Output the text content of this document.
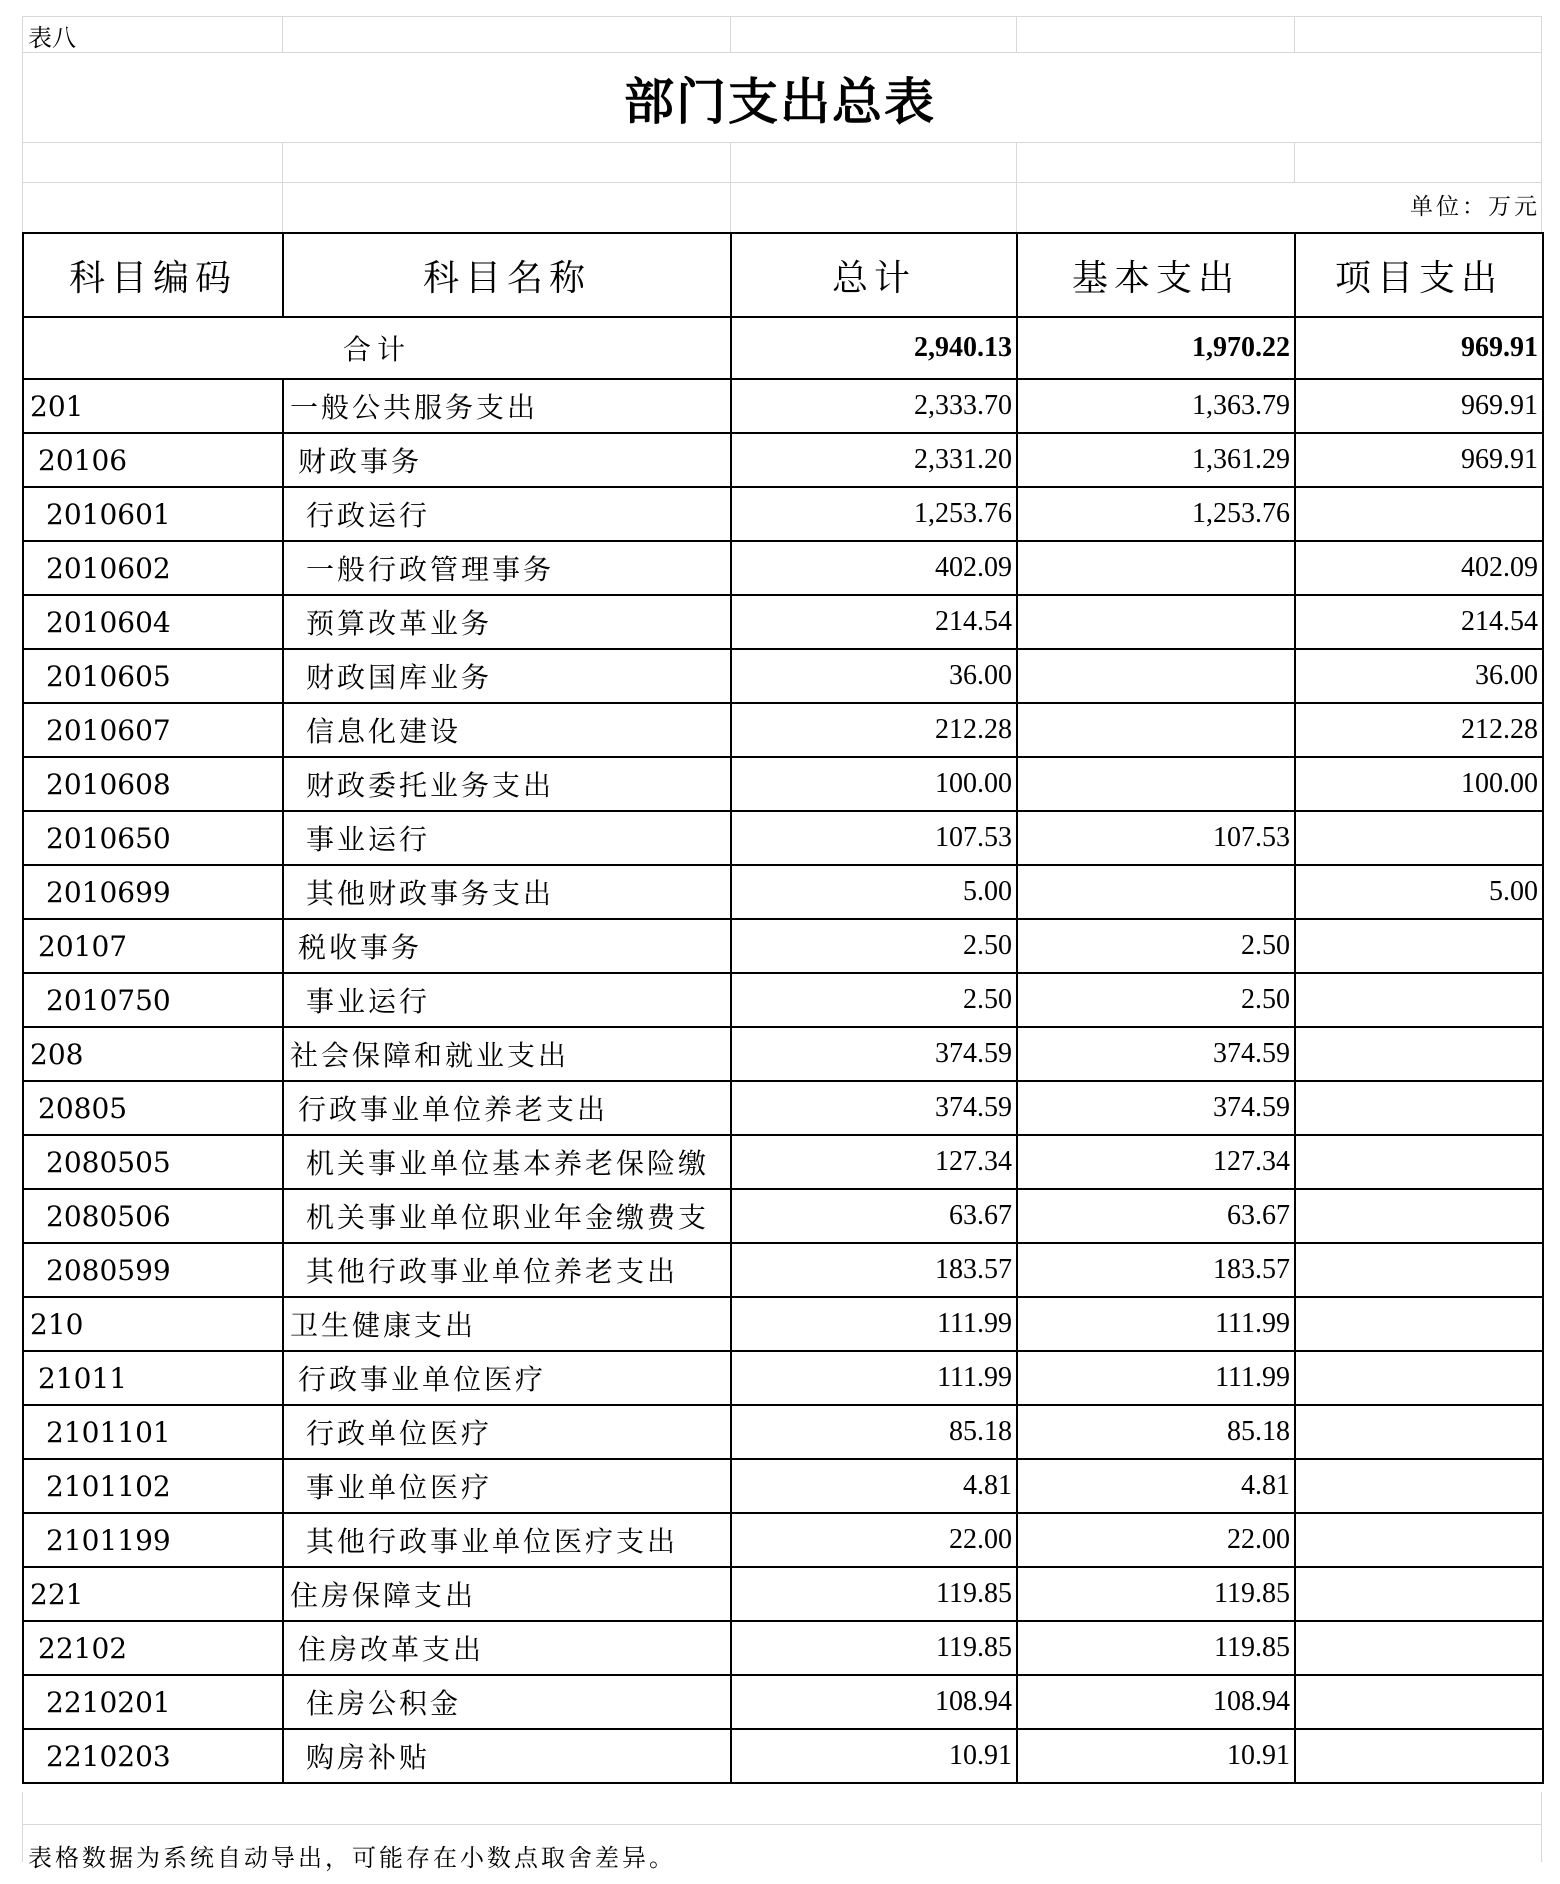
表八
部门支出总表
单位：万元
科目编码	科目名称	总计	基本支出	项目支出
合计		2,940.13	1,970.22	969.91
201	一般公共服务支出	2,333.70	1,363.79	969.91
20106	财政事务	2,331.20	1,361.29	969.91
2010601	行政运行	1,253.76	1,253.76	
2010602	一般行政管理事务	402.09		402.09
2010604	预算改革业务	214.54		214.54
2010605	财政国库业务	36.00		36.00
2010607	信息化建设	212.28		212.28
2010608	财政委托业务支出	100.00		100.00
2010650	事业运行	107.53	107.53	
2010699	其他财政事务支出	5.00		5.00
20107	税收事务	2.50	2.50	
2010750	事业运行	2.50	2.50	
208	社会保障和就业支出	374.59	374.59	
20805	行政事业单位养老支出	374.59	374.59	
2080505	机关事业单位基本养老保险缴	127.34	127.34	
2080506	机关事业单位职业年金缴费支	63.67	63.67	
2080599	其他行政事业单位养老支出	183.57	183.57	
210	卫生健康支出	111.99	111.99	
21011	行政事业单位医疗	111.99	111.99	
2101101	行政单位医疗	85.18	85.18	
2101102	事业单位医疗	4.81	4.81	
2101199	其他行政事业单位医疗支出	22.00	22.00	
221	住房保障支出	119.85	119.85	
22102	住房改革支出	119.85	119.85	
2210201	住房公积金	108.94	108.94	
2210203	购房补贴	10.91	10.91	
表格数据为系统自动导出，可能存在小数点取舍差异。
